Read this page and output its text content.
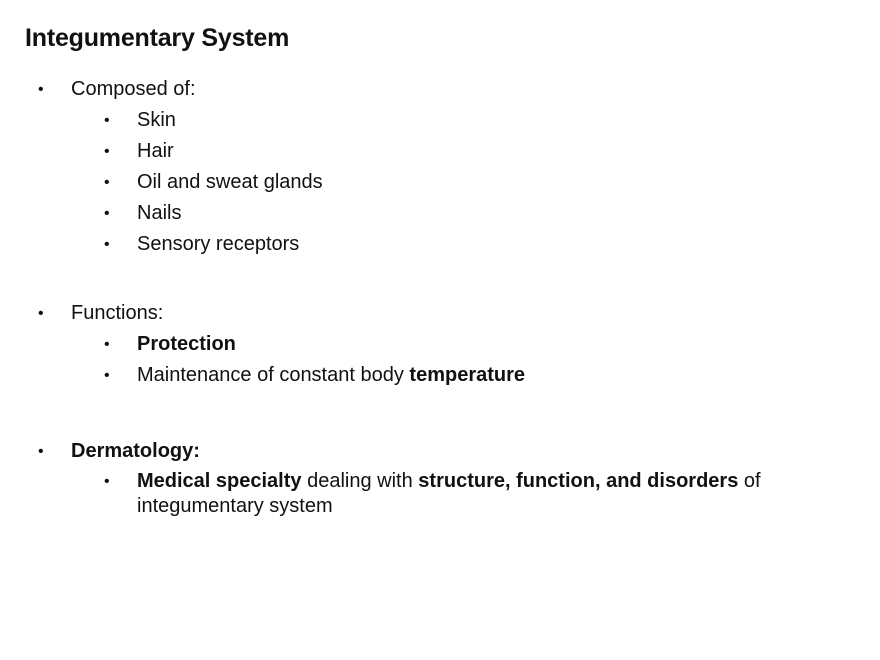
Integumentary System
• Composed of:
• Skin
• Hair
• Oil and sweat glands
• Nails
• Sensory receptors
• Functions:
• Protection
• Maintenance of constant body temperature
• Dermatology:
• Medical specialty dealing with structure, function, and disorders of integumentary system
